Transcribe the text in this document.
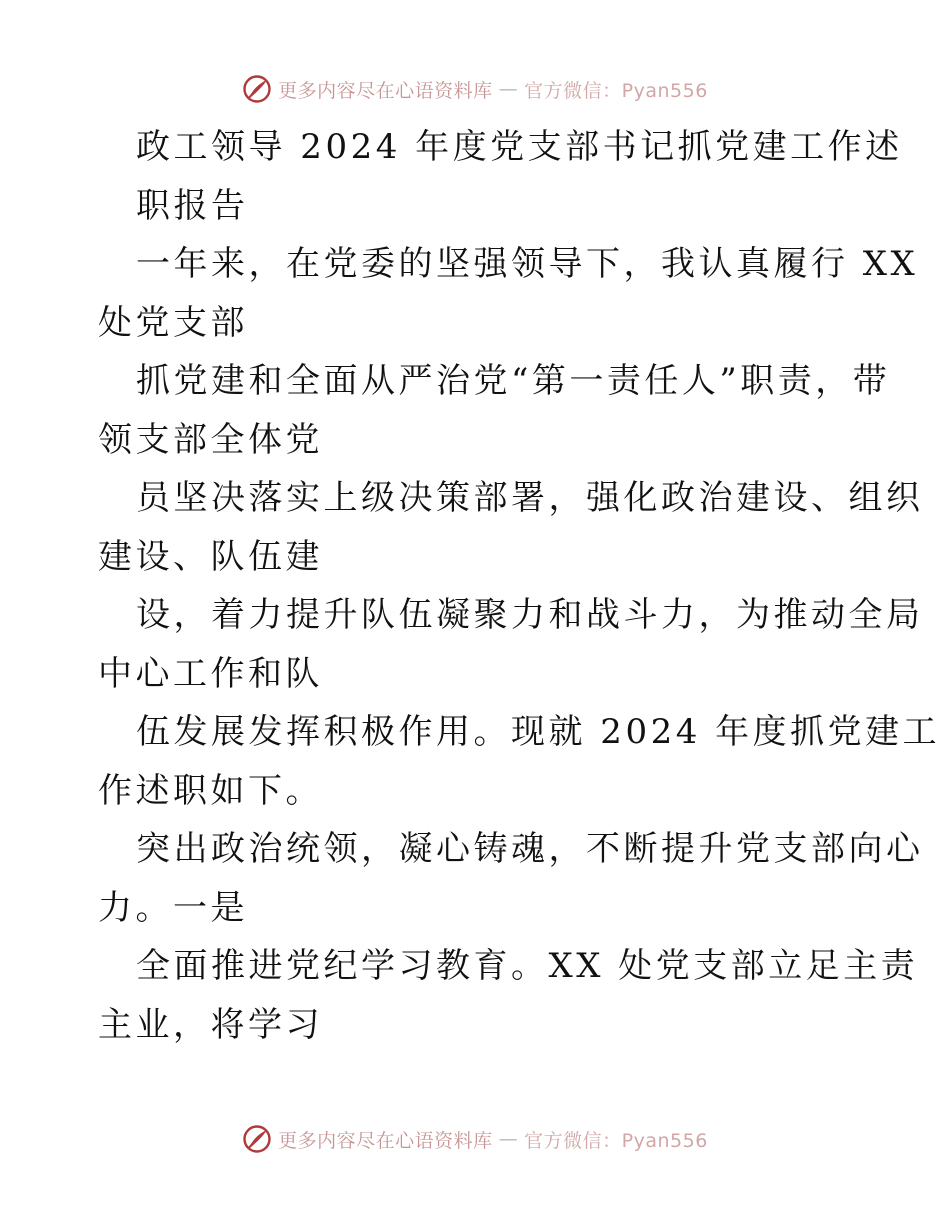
更多内容尽在心语资料库 — 官方微信：Pyan556
政工领导 2024 年度党支部书记抓党建工作述
职报告
一年来，在党委的坚强领导下，我认真履行 XX
处党支部
抓党建和全面从严治党“第一责任人”职责，带
领支部全体党
员坚决落实上级决策部署，强化政治建设、组织
建设、队伍建
设，着力提升队伍凝聚力和战斗力，为推动全局
中心工作和队
伍发展发挥积极作用。现就 2024 年度抓党建工
作述职如下。
突出政治统领，凝心铸魂，不断提升党支部向心
力。一是
全面推进党纪学习教育。XX 处党支部立足主责
主业，将学习
更多内容尽在心语资料库 — 官方微信：Pyan556
